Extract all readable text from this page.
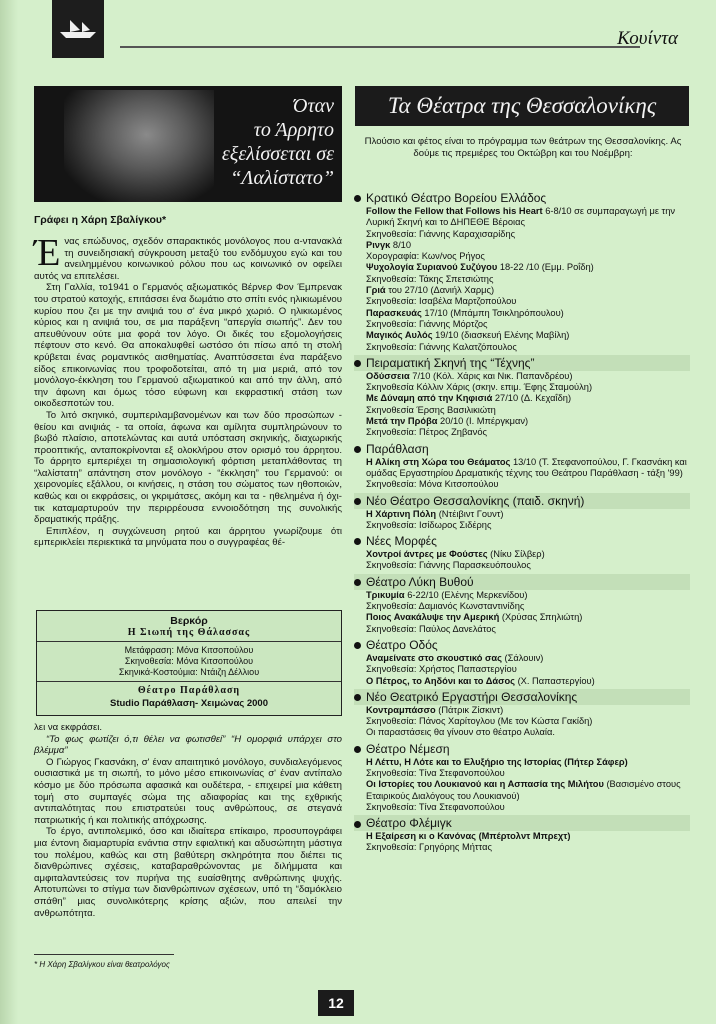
Κουίντα
Όταν
το Άρρητο
εξελίσσεται σε
“Λαλίστατο”
Γράφει η Χάρη Σβαλίγκου*

Ένας επώδυνος, σχεδόν σπαρακτικός μονόλογος που α-ντανακλά τη συνειδησιακή σύγκρουση μεταξύ του ενδόμυχου εγώ και του ανειλημμένου κοινωνικού ρόλου που ως κοινωνικό ον οφείλει αυτός να επιτελέσει.

Στη Γαλλία, το1941 ο Γερμανός αξιωματικός Βέρνερ Φον Έμπρενακ του στρατού κατοχής, επιτάσσει ένα δωμάτιο στο σπίτι ενός ηλικιωμένου κυρίου που ζει με την ανιψιά του σ' ένα μικρό χωριό. Ο ηλικιωμένος κύριος και η ανιψιά του, σε μια παράξενη “απεργία σιωπής”. Δεν του απευθύνουν ούτε μια φορά τον λόγο. Οι δικές του εξομολογήσεις πέφτουν στο κενό. Θα αποκαλυφθεί ωστόσο ότι πίσω από τη στολή κρύβεται ένας ρομαντικός αισθηματίας. Αναπτύσσεται ένα παράξενο είδος επικοινωνίας που τροφοδοτείται, από τη μια μεριά, από τον μονόλογο-έκκληση του Γερμανού αξιωματικού και από την άλλη, από την άφωνη και όμως τόσο εύφωνη και εκφραστική στάση των οικοδεσποτών του.

Το λιτό σκηνικό, συμπεριλαμβανομένων και των δύο προσώπων - θείου και ανιψιάς - τα οποία, άφωνα και αμίλητα συμπληρώνουν το βωβό πλαίσιο, αποτελώντας και αυτά υπόσταση σκηνικής, διαχωρικής προοπτικής, ανταποκρίνονται εξ ολοκλήρου στον ορισμό του άρρητου. Το άρρητο εμπεριέχει τη σημασιολογική φόρτιση μεταπλάθοντας τη “λαλίστατη” απάντηση στον μονόλογο - “έκκληση” του Γερμανού: οι χειρονομίες εξάλλου, οι κινήσεις, η στάση του σώματος των ηθοποιών, καθώς και οι εκφράσεις, οι γκριμάτσες, ακόμη και τα - ηθελημένα ή όχι- τικ καταμαρτυρούν την περιρρέουσα εννοιοδότηση της συνολικής δραματικής πράξης.

Επιπλέον, η συγχώνευση ρητού και άρρητου γνωρίζουμε ότι εμπερικλείει περιεκτικά τα μηνύματα που ο συγγραφέας θέ-

Βερκόρ
Η Σιωπή της Θάλασσας
Μετάφραση: Μόνα Κιτσοπούλου
Σκηνοθεσία: Μόνα Κιτσοπούλου
Σκηνικά-Κοστούμια: Ντάιζη Δέλλιου
Θέατρο Παράθλαση
Studio Παράθλαση- Χειμώνας 2000

λει να εκφράσει.

“Το φως φωτίζει ό,τι θέλει να φωτισθεί” “Η ομορφιά υπάρχει στο βλέμμα”

Ο Γιώργος Γκασνάκη, σ' έναν απαιτητικό μονόλογο, συνδιαλεγόμενος ουσιαστικά με τη σιωπή, το μόνο μέσο επικοινωνίας σ' έναν αντίπαλο κόσμο με δύο πρόσωπα αφασικά και ουδέτερα, - επιχειρεί μια κάθετη τομή στο συμπαγές σώμα της αδιαφορίας και της εχθρικής αντιπαλότητας που επιστρατεύει τους ανθρώπους, σε στεγανά πατριωτικής ή και πολιτικής απόχρωσης.

Το έργο, αντιπολεμικό, όσο και ιδιαίτερα επίκαιρο, προσυπογράφει μια έντονη διαμαρτυρία ενάντια στην εφιαλτική και αδυσώπητη μάστιγα του πολέμου, καθώς και στη βαθύτερη σκληρότητα που διέπει τις διανθρώπινες σχέσεις, καταβαραθρώνοντας με διλήμματα και αμφιταλαντεύσεις τον πυρήνα της ευαίσθητης ανθρώπινης ψυχής. Αποτυπώνει το στίγμα των διανθρώπινων σχέσεων, υπό τη “δαμόκλειο σπάθη” μιας συνολικότερης κρίσης αξιών, που απειλεί την ανθρωπότητα.

* Η Χάρη Σβαλίγκου είναι θεατρολόγος
Τα Θέατρα της Θεσσαλονίκης
Πλούσιο και φέτος είναι το πρόγραμμα των θεάτρων της Θεσσαλονίκης. Ας δούμε τις πρεμιέρες του Οκτώβρη και του Νοέμβρη:
Κρατικό Θέατρο Βορείου Ελλάδος
Follow the Fellow that Follows his Heart 6-8/10 σε συμπαραγωγή με την Λυρική Σκηνή και το ΔΗΠΕΘΕ Βέροιας
Σκηνοθεσία: Γιάννης Καραχισαρίδης
Ρινγκ 8/10
Χορογραφία: Κων/νος Ρήγος
Ψυχολογία Συριανού Συζύγου 18-22 /10 (Εμμ. Ροΐδη)
Σκηνοθεσία: Τάκης Σπετσιώτης
Γριά του 27/10 (Δανιήλ Χαρμς)
Σκηνοθεσία: Ισαβέλα Μαρτζοπούλου
Παρασκευάς 17/10 (Μπάμπη Τσικληρόπουλου)
Σκηνοθεσία: Γιάννης Μόρτζος
Μαγικός Αυλός 19/10 (διασκευή Ελένης Μαβίλη)
Σκηνοθεσία: Γιάννης Καλατζόπουλος
Πειραματική Σκηνή της “Τέχνης”
Οδύσσεια 7/10 (Κόλ. Χάρις και Νικ. Παπανδρέου)
Σκηνοθεσία Κόλλιν Χάρις (σκην. επιμ. Έφης Σταμούλη)
Με Δύναμη από την Κηφισιά 27/10 (Δ. Κεχαΐδη)
Σκηνοθεσία Έρσης Βασιλικιώτη
Μετά την Πρόβα 20/10 (Ι. Μπέργκμαν)
Σκηνοθεσία: Πέτρος Ζηβανός
Παράθλαση
Η Αλίκη στη Χώρα του Θεάματος 13/10 (Τ. Στεφανοπούλου, Γ. Γκασνάκη και ομάδας Εργαστηρίου Δραματικής τέχνης του Θεάτρου Παράθλαση - τάξη '99)
Σκηνοθεσία: Μόνα Κιτσοπούλου
Νέο Θέατρο Θεσσαλονίκης (παιδ. σκηνή)
Η Χάρτινη Πόλη (Ντέιβιντ Γουντ)
Σκηνοθεσία: Ισίδωρος Σιδέρης
Νέες Μορφές
Χοντροί άντρες με Φούστες (Νίκυ Σίλβερ)
Σκηνοθεσία: Γιάννης Παρασκευόπουλος
Θέατρο Λύκη Βυθού
Τρικυμία 6-22/10 (Ελένης Μερκενίδου)
Σκηνοθεσία: Δαμιανός Κωνσταντινίδης
Ποιος Ανακάλυψε την Αμερική (Χρύσας Σπηλιώτη)
Σκηνοθεσία: Παύλος Δανελάτος
Θέατρο Οδός
Αναμείνατε στο σκουστικό σας (Σάλουιν)
Σκηνοθεσία: Χρήστος Παπαστεργίου
Ο Πέτρος, το Αηδόνι και το Δάσος (Χ. Παπαστεργίου)
Νέο Θεατρικό Εργαστήρι Θεσσαλονίκης
Κοντραμπάσσο (Πάτρικ Ζίσκιντ)
Σκηνοθεσία: Πάνος Χαρίτογλου (Με τον Κώστα Γακίδη)
Οι παραστάσεις θα γίνουν στο θέατρο Αυλαία.
Θέατρο Νέμεση
Η Λέττυ, Η Λότε και το Ελυξήριο της Ιστορίας (Πήτερ Σάφερ)
Σκηνοθεσία: Τίνα Στεφανοπούλου
Οι Ιστορίες του Λουκιανού και η Ασπασία της Μιλήτου (Βασισμένο στους Εταιρικούς Διαλόγους του Λουκιανού)
Σκηνοθεσία: Τίνα Στεφανοπούλου
Θέατρο Φλέμιγκ
Η Εξαίρεση κι ο Κανόνας (Μπέρτολντ Μπρεχτ)
Σκηνοθεσία: Γρηγόρης Μήττας
12
